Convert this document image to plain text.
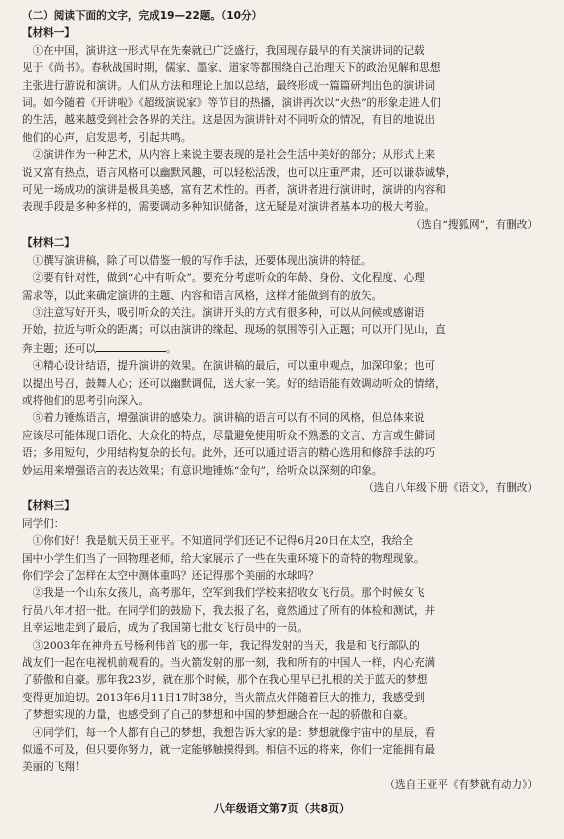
（二）阅读下面的文字，完成19—22题。（10分）
【材料一】
①在中国，演讲这一形式早在先秦就已广泛盛行，我国现存最早的有关演讲词的记载
见于《尚书》。春秋战国时期，儒家、墨家、道家等都围绕自己治理天下的政治见解和思想
主张进行游说和演讲。人们从方法和理论上加以总结，最终形成一篇篇研判出色的演讲词
词。如今随着《开讲啦》《超级演说家》等节目的热播，演讲再次以“火热”的形象走进人们
的生活，越来越受到社会各界的关注。这是因为演讲针对不同听众的情况，有目的地说出
他们的心声，启发思考，引起共鸣。
②演讲作为一种艺术，从内容上来说主要表现的是社会生活中美好的部分；从形式上来
说又富有热点，语言风格可以幽默风趣，可以轻松活泼，也可以庄重严肃，还可以谦恭诚挚，
可见一场成功的演讲是极具美感，富有艺术性的。再者，演讲者进行演讲时，演讲的内容和
表现手段是多种多样的，需要调动多种知识储备，这无疑是对演讲者基本功的极大考验。
（选自“搜狐网”，有删改）
【材料二】
①撰写演讲稿，除了可以借鉴一般的写作手法，还要体现出演讲的特征。
②要有针对性，做到“心中有听众”。要充分考虑听众的年龄、身份、文化程度、心理
需求等，以此来确定演讲的主题、内容和语言风格，这样才能做到有的放矢。
③注意写好开头，吸引听众的关注。演讲开头的方式有很多种，可以从问候或感谢语
开始，拉近与听众的距离；可以由演讲的缘起、现场的氛围等引入正题；可以开门见山，直
奔主题；还可以	。
④精心设计结语，提升演讲的效果。在演讲稿的最后，可以重申观点，加深印象；也可
以提出号召，鼓舞人心；还可以幽默调侃，送大家一笑。好的结语能有效调动听众的情绪，
或将他们的思考引向深入。
⑤着力锤炼语言，增强演讲的感染力。演讲稿的语言可以有不同的风格，但总体来说
应该尽可能体现口语化、大众化的特点，尽量避免使用听众不熟悉的文言、方言或生僻词
语；多用短句，少用结构复杂的长句。此外，还可以通过语言的精心选用和修辞手法的巧
妙运用来增强语言的表达效果；有意识地锤炼“金句”，给听众以深刻的印象。
（选自八年级下册《语文》，有删改）
【材料三】
同学们：
①你们好！我是航天员王亚平。不知道同学们还记不记得6月20日在太空，我给全
国中小学生们当了一回物理老师，给大家展示了一些在失重环境下的奇特的物理现象。
你们学会了怎样在太空中测体重吗？还记得那个美丽的水球吗？
②我是一个山东女孩儿，高考那年，空军到我们学校来招收女飞行员。那个时候女飞
行员八年才招一批。在同学们的鼓励下，我去报了名，竟然通过了所有的体检和测试，并
且幸运地走到了最后，成为了我国第七批女飞行员中的一员。
③2003年在神舟五号杨利伟首飞的那一年，我记得发射的当天，我是和飞行部队的
战友们一起在电视机前观看的。当火箭发射的那一刻，我和所有的中国人一样，内心充满
了骄傲和自豪。那年我23岁，就在那个时候，那个在我心里早已扎根的关于蓝天的梦想
变得更加迫切。2013年6月11日17时38分，当火箭点火伴随着巨大的推力，我感受到
了梦想实现的力量，也感受到了自己的梦想和中国的梦想融合在一起的骄傲和自豪。
④同学们，每一个人都有自己的梦想，我想告诉大家的是：梦想就像宇宙中的星辰，看
似遥不可及，但只要你努力，就一定能够触摸得到。相信不远的将来，你们一定能拥有最
美丽的飞翔！
（选自王亚平《有梦就有动力》）
八年级语文第7页（共8页）
